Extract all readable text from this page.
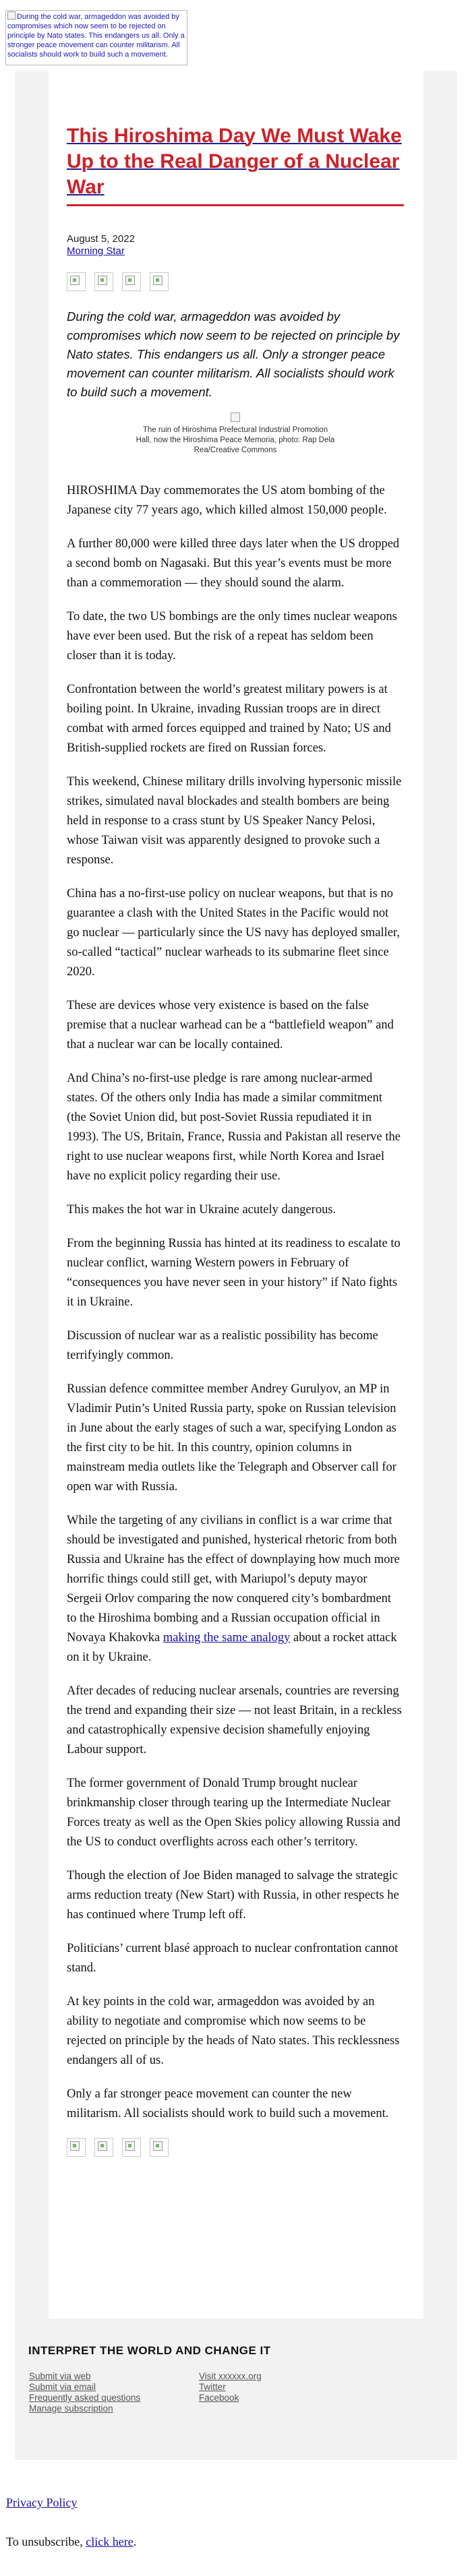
During the cold war, armageddon was avoided by compromises which now seem to be rejected on principle by Nato states. This endangers us all. Only a stronger peace movement can counter militarism. All socialists should work to build such a movement.
This Hiroshima Day We Must Wake Up to the Real Danger of a Nuclear War
August 5, 2022
Morning Star

During the cold war, armageddon was avoided by compromises which now seem to be rejected on principle by Nato states. This endangers us all. Only a stronger peace movement can counter militarism. All socialists should work to build such a movement.
The ruin of Hiroshima Prefectural Industrial Promotion Hall, now the Hiroshima Peace Memoria, photo: Rap Dela Rea/Creative Commons

HIROSHIMA Day commemorates the US atom bombing of the Japanese city 77 years ago, which killed almost 150,000 people.

A further 80,000 were killed three days later when the US dropped a second bomb on Nagasaki. But this year’s events must be more than a commemoration — they should sound the alarm.

To date, the two US bombings are the only times nuclear weapons have ever been used. But the risk of a repeat has seldom been closer than it is today.

Confrontation between the world’s greatest military powers is at boiling point. In Ukraine, invading Russian troops are in direct combat with armed forces equipped and trained by Nato; US and British-supplied rockets are fired on Russian forces.

This weekend, Chinese military drills involving hypersonic missile strikes, simulated naval blockades and stealth bombers are being held in response to a crass stunt by US Speaker Nancy Pelosi, whose Taiwan visit was apparently designed to provoke such a response.

China has a no-first-use policy on nuclear weapons, but that is no guarantee a clash with the United States in the Pacific would not go nuclear — particularly since the US navy has deployed smaller, so-called “tactical” nuclear warheads to its submarine fleet since 2020.

These are devices whose very existence is based on the false premise that a nuclear warhead can be a “battlefield weapon” and that a nuclear war can be locally contained.

And China’s no-first-use pledge is rare among nuclear-armed states. Of the others only India has made a similar commitment (the Soviet Union did, but post-Soviet Russia repudiated it in 1993). The US, Britain, France, Russia and Pakistan all reserve the right to use nuclear weapons first, while North Korea and Israel have no explicit policy regarding their use.

This makes the hot war in Ukraine acutely dangerous.

From the beginning Russia has hinted at its readiness to escalate to nuclear conflict, warning Western powers in February of “consequences you have never seen in your history” if Nato fights it in Ukraine.

Discussion of nuclear war as a realistic possibility has become terrifyingly common.

Russian defence committee member Andrey Gurulyov, an MP in Vladimir Putin’s United Russia party, spoke on Russian television in June about the early stages of such a war, specifying London as the first city to be hit. In this country, opinion columns in mainstream media outlets like the Telegraph and Observer call for open war with Russia.

While the targeting of any civilians in conflict is a war crime that should be investigated and punished, hysterical rhetoric from both Russia and Ukraine has the effect of downplaying how much more horrific things could still get, with Mariupol’s deputy mayor Sergeii Orlov comparing the now conquered city’s bombardment to the Hiroshima bombing and a Russian occupation official in Novaya Khakovka making the same analogy about a rocket attack on it by Ukraine.

After decades of reducing nuclear arsenals, countries are reversing the trend and expanding their size — not least Britain, in a reckless and catastrophically expensive decision shamefully enjoying Labour support.

The former government of Donald Trump brought nuclear brinkmanship closer through tearing up the Intermediate Nuclear Forces treaty as well as the Open Skies policy allowing Russia and the US to conduct overflights across each other’s territory.

Though the election of Joe Biden managed to salvage the strategic arms reduction treaty (New Start) with Russia, in other respects he has continued where Trump left off.

Politicians’ current blasé approach to nuclear confrontation cannot stand.

At key points in the cold war, armageddon was avoided by an ability to negotiate and compromise which now seems to be rejected on principle by the heads of Nato states. This recklessness endangers all of us.

Only a far stronger peace movement can counter the new militarism. All socialists should work to build such a movement.

INTERPRET THE WORLD AND CHANGE IT
Submit via web
Submit via email
Frequently asked questions
Manage subscription
Visit xxxxxx.org
Twitter
Facebook
Privacy Policy
To unsubscribe, click here.
